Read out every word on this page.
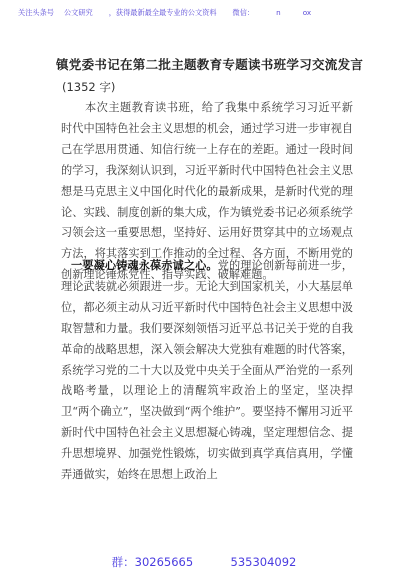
关注头条号 公文研究 ，获得最新最全最专业的公文资料 微信：	n	ox
镇党委书记在第二批主题教育专题读书班学习交流发言
(1352 字)
本次主题教育读书班，给了我集中系统学习习近平新时代中国特色社会主义思想的机会，通过学习进一步审视自己在学思用贯通、知信行统一上存在的差距。通过一段时间的学习，我深刻认识到，习近平新时代中国特色社会主义思想是马克思主义中国化时代化的最新成果，是新时代党的理论、实践、制度创新的集大成，作为镇党委书记必须系统学习领会这一重要思想，坚持好、运用好贯穿其中的立场观点方法，将其落实到工作推动的全过程、各方面，不断用党的创新理论锤炼党性、指导实践、破解难题。
一要凝心铸魂永葆赤诚之心。党的理论创新每前进一步，理论武装就必须跟进一步。无论大到国家机关，小大基层单位，都必须主动从习近平新时代中国特色社会主义思想中汲取智慧和力量。我们要深刻领悟习近平总书记关于党的自我革命的战略思想，深入领会解决大党独有难题的时代答案，系统学习党的二十大以及党中央关于全面从严治党的一系列战略考量，以理论上的清醒筑牢政治上的坚定，坚决捍卫“两个确立”，坚决做到“两个维护”。要坚持不懈用习近平新时代中国特色社会主义思想凝心铸魂，坚定理想信念、提升思想境界、加强党性锻炼，切实做到真学真信真用，学懂弄通做实，始终在思想上政治上
群：30265665	535304092
